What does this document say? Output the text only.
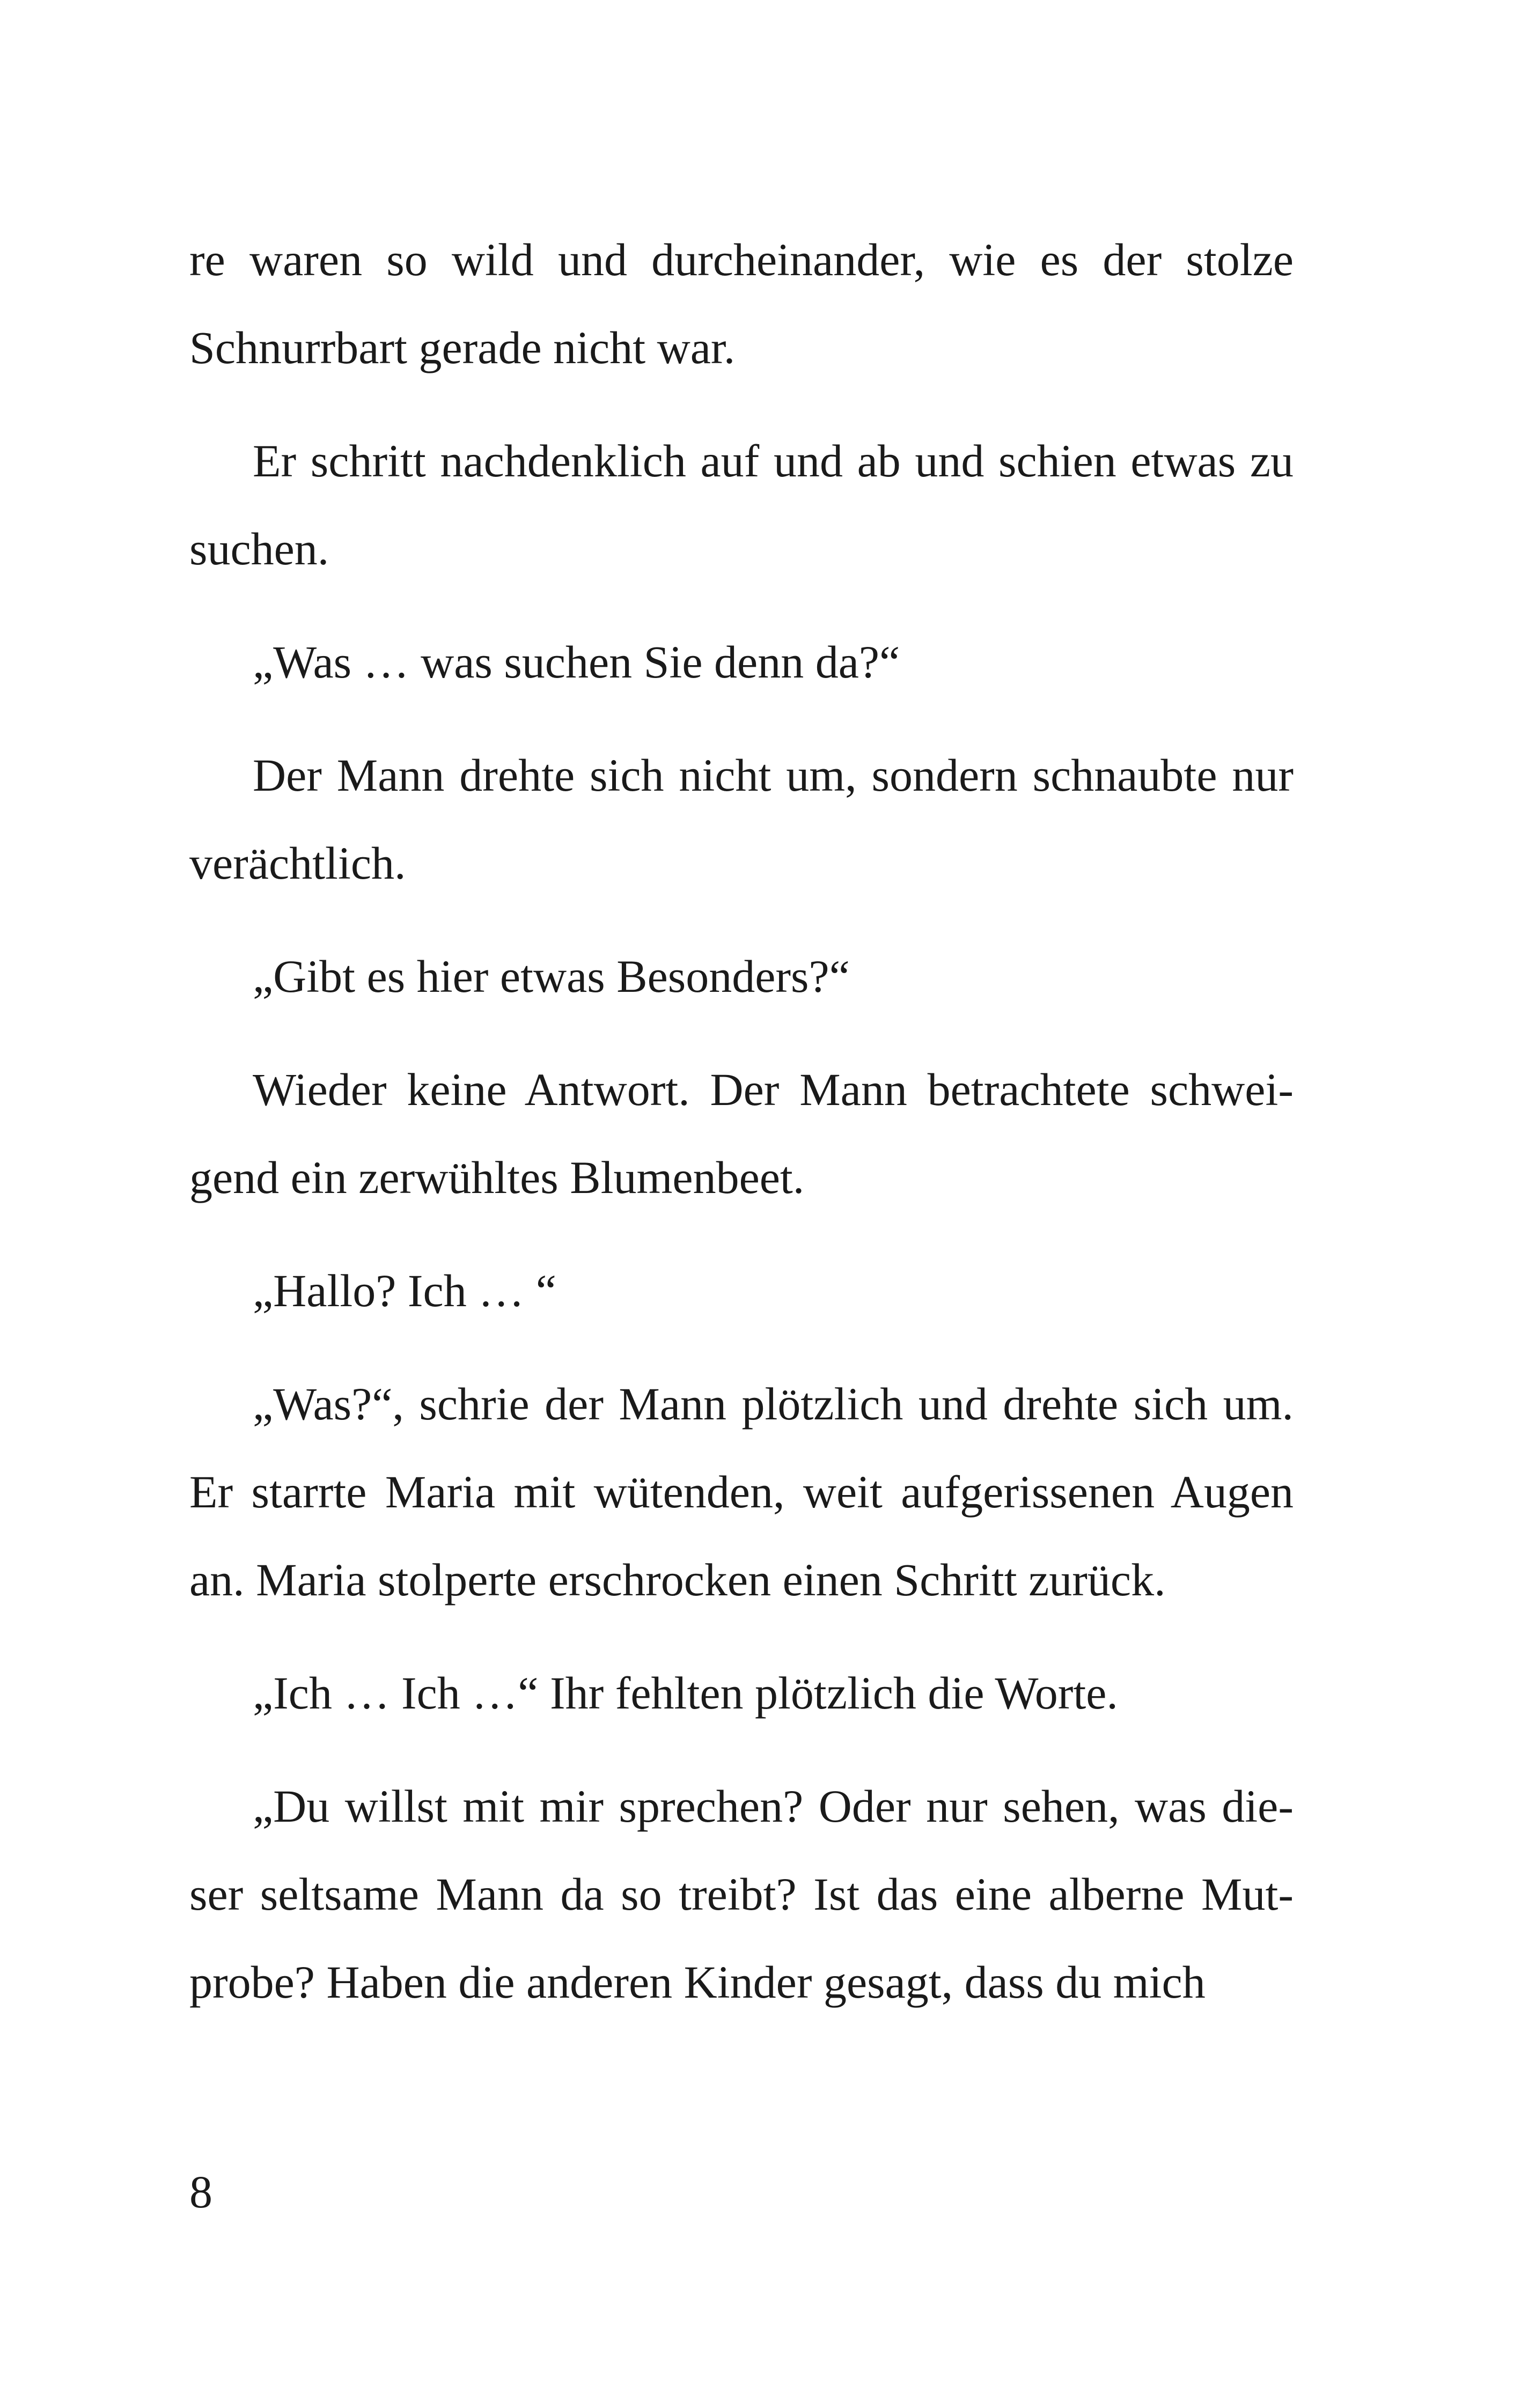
re waren so wild und durcheinander, wie es der stolze Schnurrbart gerade nicht war.

Er schritt nachdenklich auf und ab und schien etwas zu suchen.

„Was … was suchen Sie denn da?“

Der Mann drehte sich nicht um, sondern schnaubte nur verächtlich.

„Gibt es hier etwas Besonders?“

Wieder keine Antwort. Der Mann betrachtete schweigend ein zerwühltes Blumenbeet.

„Hallo? Ich … “

„Was?“, schrie der Mann plötzlich und drehte sich um. Er starrte Maria mit wütenden, weit aufgerissenen Augen an. Maria stolperte erschrocken einen Schritt zurück.

„Ich … Ich …“ Ihr fehlten plötzlich die Worte.

„Du willst mit mir sprechen? Oder nur sehen, was dieser seltsame Mann da so treibt? Ist das eine alberne Mutprobe? Haben die anderen Kinder gesagt, dass du mich

8
